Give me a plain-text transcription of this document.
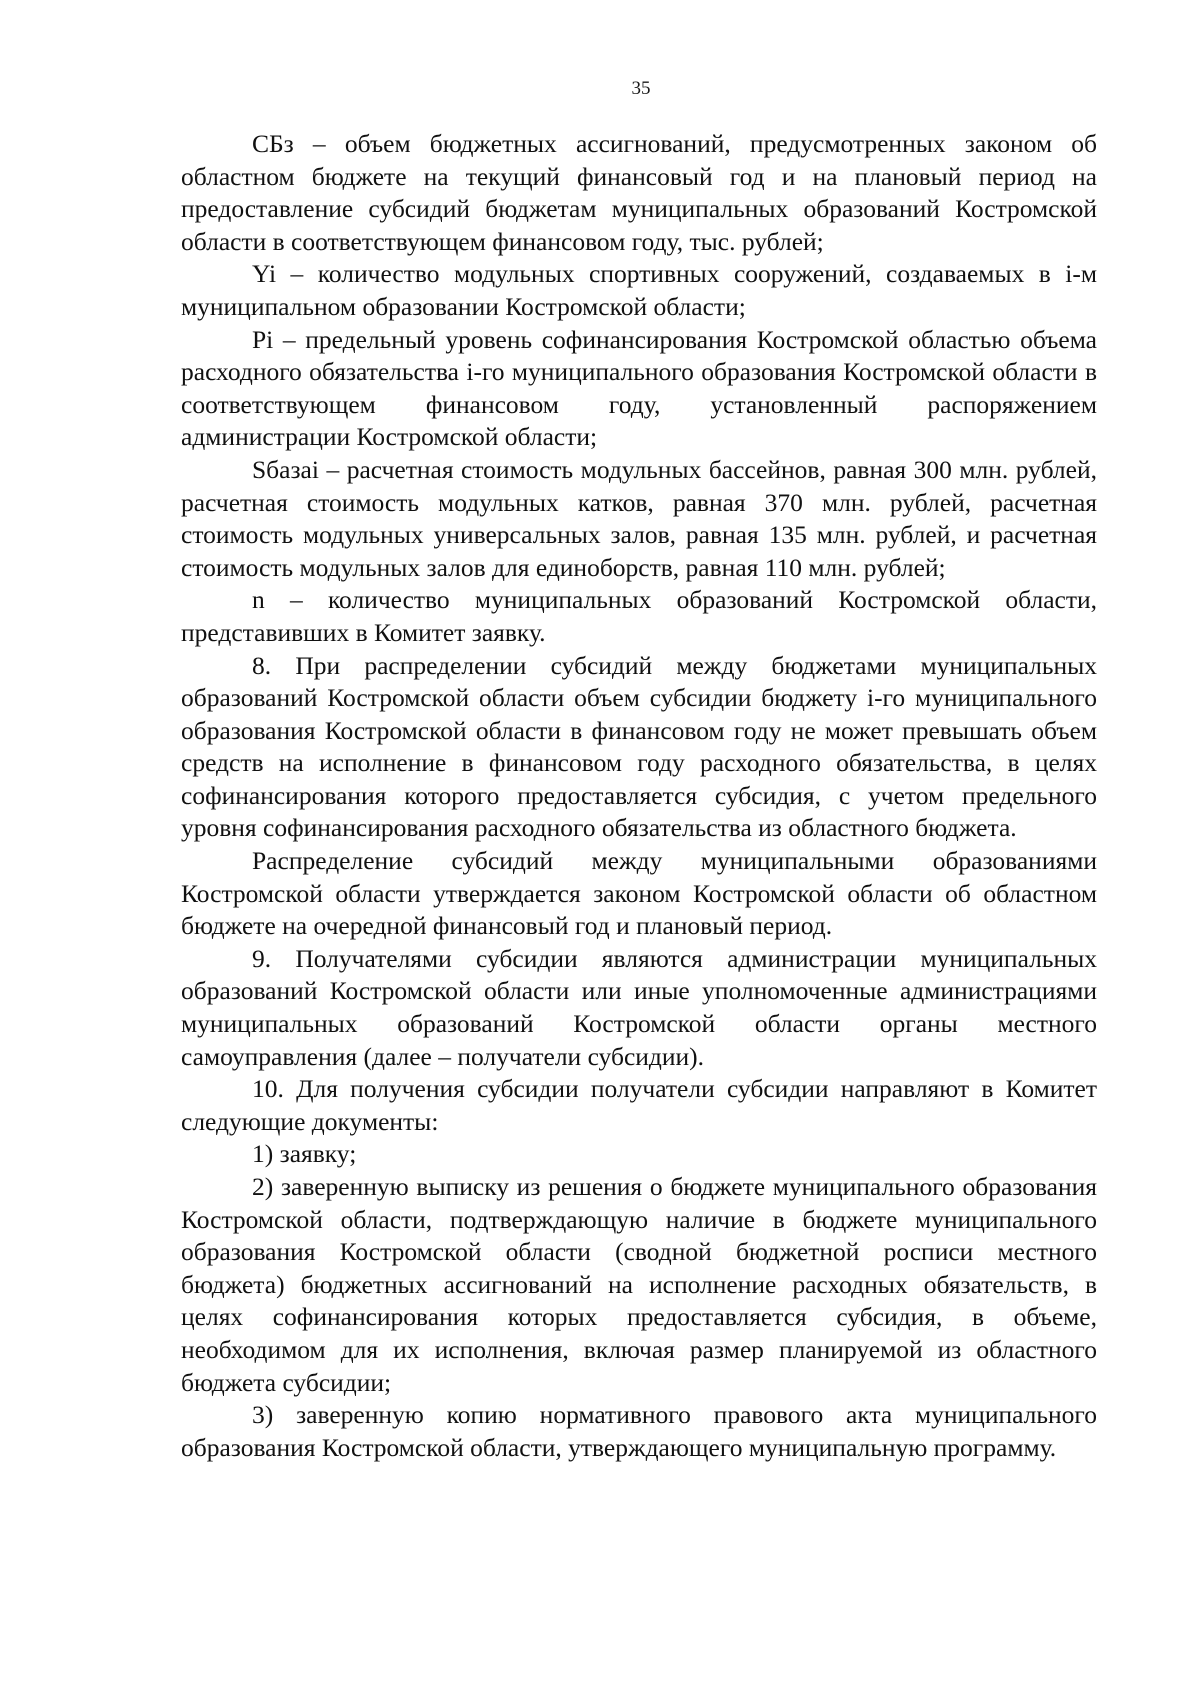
35

СБз – объем бюджетных ассигнований, предусмотренных законом об областном бюджете на текущий финансовый год и на плановый период на предоставление субсидий бюджетам муниципальных образований Костромской области в соответствующем финансовом году, тыс. рублей;

Yi – количество модульных спортивных сооружений, создаваемых в i-м муниципальном образовании Костромской области;

Pi – предельный уровень софинансирования Костромской областью объема расходного обязательства i-го муниципального образования Костромской области в соответствующем финансовом году, установленный распоряжением администрации Костромской области;

Sбазаi – расчетная стоимость модульных бассейнов, равная 300 млн. рублей, расчетная стоимость модульных катков, равная 370 млн. рублей, расчетная стоимость модульных универсальных залов, равная 135 млн. рублей, и расчетная стоимость модульных залов для единоборств, равная 110 млн. рублей;

n – количество муниципальных образований Костромской области, представивших в Комитет заявку.

8. При распределении субсидий между бюджетами муниципальных образований Костромской области объем субсидии бюджету i-го муниципального образования Костромской области в финансовом году не может превышать объем средств на исполнение в финансовом году расходного обязательства, в целях софинансирования которого предоставляется субсидия, с учетом предельного уровня софинансирования расходного обязательства из областного бюджета.

Распределение субсидий между муниципальными образованиями Костромской области утверждается законом Костромской области об областном бюджете на очередной финансовый год и плановый период.

9. Получателями субсидии являются администрации муниципальных образований Костромской области или иные уполномоченные администрациями муниципальных образований Костромской области органы местного самоуправления (далее – получатели субсидии).

10. Для получения субсидии получатели субсидии направляют в Комитет следующие документы:

1) заявку;

2) заверенную выписку из решения о бюджете муниципального образования Костромской области, подтверждающую наличие в бюджете муниципального образования Костромской области (сводной бюджетной росписи местного бюджета) бюджетных ассигнований на исполнение расходных обязательств, в целях софинансирования которых предоставляется субсидия, в объеме, необходимом для их исполнения, включая размер планируемой из областного бюджета субсидии;

3) заверенную копию нормативного правового акта муниципального образования Костромской области, утверждающего муниципальную программу.
